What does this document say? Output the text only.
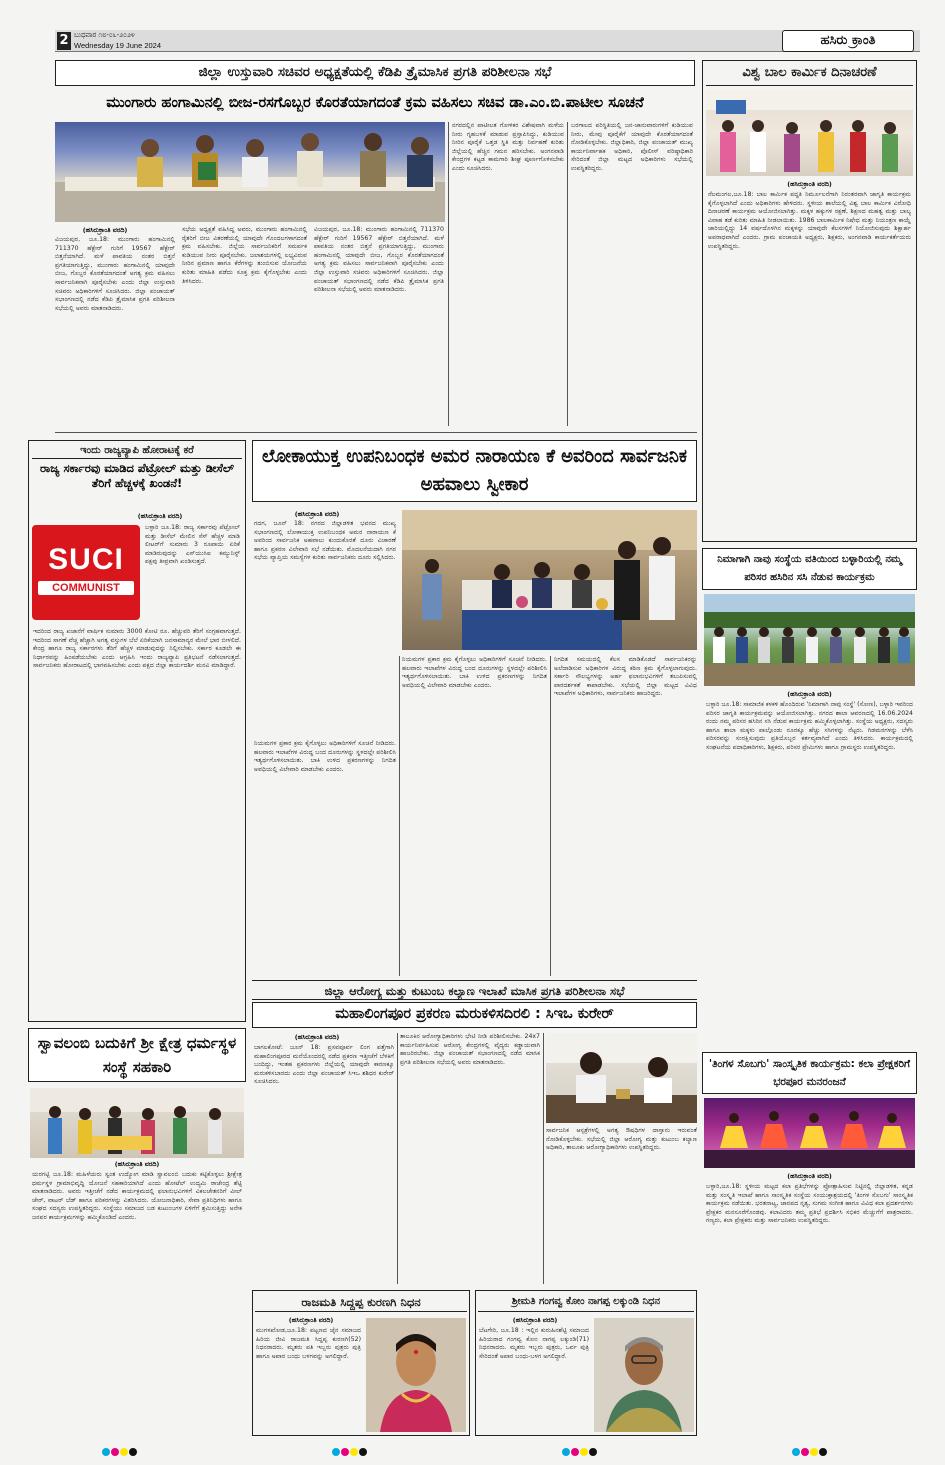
2 ಬುಧವಾರ ೧೮-೦೬-೨೦೨೪
Wednesday 19 June 2024	ಹಸಿರು ಕ್ರಾಂತಿ
ಜಿಲ್ಲಾ ಉಸ್ತುವಾರಿ ಸಚಿವರ ಅಧ್ಯಕ್ಷತೆಯಲ್ಲಿ ಕೆಡಿಪಿ ತ್ರೈಮಾಸಿಕ ಪ್ರಗತಿ ಪರಿಶೀಲನಾ ಸಭೆ
ಮುಂಗಾರು ಹಂಗಾಮಿನಲ್ಲಿ ಬೀಜ-ರಸಗೊಬ್ಬರ ಕೊರತೆಯಾಗದಂತೆ ಕ್ರಮ ವಹಿಸಲು ಸಚಿವ ಡಾ.ಎಂ.ಬಿ.ಪಾಟೀಲ ಸೂಚನೆ
(ಹಸಿರುಕ್ರಾಂತಿ ವರದಿ)
ವಿಜಯಪುರ, ಜೂ.18: ಮುಂಗಾರು ಹಂಗಾಮಿನಲ್ಲಿ 711370 ಹೆಕ್ಟೇರ್ ಗುರಿಗೆ 19567 ಹೆಕ್ಟೇರ್ ಬಿತ್ತನೆಯಾಗಿದೆ. ಮಳೆ ಪಾವತಿಯ ನಂತರ ಬಿತ್ತನೆ ಪ್ರಗತಿಯಾಗುತ್ತಿದ್ದು, ಮುಂಗಾರು ಹಂಗಾಮಿನಲ್ಲಿ ಯಾವುದೇ ಬೀಜ, ಗೊಬ್ಬರ ಕೊರತೆಯಾಗದಂತೆ ಅಗತ್ಯ ಕ್ರಮ ವಹಿಸಲು ಸಾರ್ವಜನಿಕವಾಗಿ ಪೂರೈಸಬೇಕು ಎಂದು ಜಿಲ್ಲಾ ಉಸ್ತುವಾರಿ ಸಚಿವರು ಅಧಿಕಾರಿಗಳಿಗೆ ಸೂಚಿಸಿದರು. ಜಿಲ್ಲಾ ಪಂಚಾಯತ್ ಸಭಾಂಗಣದಲ್ಲಿ ನಡೆದ ಕೆಡಿಪಿ ತ್ರೈಮಾಸಿಕ ಪ್ರಗತಿ ಪರಿಶೀಲನಾ ಸಭೆಯಲ್ಲಿ ಅವರು ಮಾತನಾಡಿದರು.
ಸಭೆಯ ಅಧ್ಯಕ್ಷತೆ ವಹಿಸಿದ್ದ ಅವರು, ಮುಂಗಾರು ಹಂಗಾಮಿನಲ್ಲಿ ರೈತರಿಗೆ ಬೀಜ ವಿತರಣೆಯಲ್ಲಿ ಯಾವುದೇ ಗೊಂದಲಗಳಾಗದಂತೆ ಕ್ರಮ ವಹಿಸಬೇಕು. ಜಿಲ್ಲೆಯ ಸಾರ್ವಜನಿಕರಿಗೆ ಸಮರ್ಪಕ ಕುಡಿಯುವ ನೀರು ಪೂರೈಸಬೇಕು. ಜಲಾಶಯಗಳಲ್ಲಿ ಲಭ್ಯವಿರುವ ನೀರಿನ ಪ್ರಮಾಣ ಹಾಗೂ ಕೆರೆಗಳನ್ನು ತುಂಬಿಸುವ ಯೋಜನೆಯ ಕುರಿತು ಮಾಹಿತಿ ಪಡೆದು ಸೂಕ್ತ ಕ್ರಮ ಕೈಗೊಳ್ಳಬೇಕು ಎಂದು ತಿಳಿಸಿದರು.
ವಿಜಯಪುರ, ಜೂ.18: ಮುಂಗಾರು ಹಂಗಾಮಿನಲ್ಲಿ 711370 ಹೆಕ್ಟೇರ್ ಗುರಿಗೆ 19567 ಹೆಕ್ಟೇರ್ ಬಿತ್ತನೆಯಾಗಿದೆ. ಮಳೆ ಪಾವತಿಯ ನಂತರ ಬಿತ್ತನೆ ಪ್ರಗತಿಯಾಗುತ್ತಿದ್ದು, ಮುಂಗಾರು ಹಂಗಾಮಿನಲ್ಲಿ ಯಾವುದೇ ಬೀಜ, ಗೊಬ್ಬರ ಕೊರತೆಯಾಗದಂತೆ ಅಗತ್ಯ ಕ್ರಮ ವಹಿಸಲು ಸಾರ್ವಜನಿಕವಾಗಿ ಪೂರೈಸಬೇಕು ಎಂದು ಜಿಲ್ಲಾ ಉಸ್ತುವಾರಿ ಸಚಿವರು ಅಧಿಕಾರಿಗಳಿಗೆ ಸೂಚಿಸಿದರು. ಜಿಲ್ಲಾ ಪಂಚಾಯತ್ ಸಭಾಂಗಣದಲ್ಲಿ ನಡೆದ ಕೆಡಿಪಿ ತ್ರೈಮಾಸಿಕ ಪ್ರಗತಿ ಪರಿಶೀಲನಾ ಸಭೆಯಲ್ಲಿ ಅವರು ಮಾತನಾಡಿದರು.
ನಗರದಲ್ಲಿನ ಪಾಟೀಲತ ಗೋಳಿಕರ ವಿಶೇಷವಾಗಿ ಮಳೆಯ ನೀರು ಗೃಹಬಳಕೆ ಮಾಡುವ ಪ್ರಸ್ತಾಪಿಸಿದ್ದು, ಕುಡಿಯುವ ನೀರಿನ ಪೂರೈಕೆ ಒತ್ತಡ ಸ್ಥಿತಿ ಮತ್ತು ನಿರ್ವಹಣೆ ಕುರಿತು ಜಿಲ್ಲೆಯಲ್ಲಿ ಹೆಚ್ಚಿನ ಗಮನ ಹರಿಸಬೇಕು. ಅಂಗನವಾಡಿ ಕೇಂದ್ರಗಳ ಕಟ್ಟಡ ಕಾಮಗಾರಿ ಶೀಘ್ರ ಪೂರ್ಣಗೊಳಿಸಬೇಕು ಎಂದು ಸೂಚಿಸಿದರು.
ಬರಗಾಲದ ಪರಿಸ್ಥಿತಿಯಲ್ಲಿ ಜನ-ಜಾನುವಾರುಗಳಿಗೆ ಕುಡಿಯುವ ನೀರು, ಮೇವು ಪೂರೈಕೆಗೆ ಯಾವುದೇ ಕೊರತೆಯಾಗದಂತೆ ನೋಡಿಕೊಳ್ಳಬೇಕು. ಜಿಲ್ಲಾಧಿಕಾರಿ, ಜಿಲ್ಲಾ ಪಂಚಾಯತ್ ಮುಖ್ಯ ಕಾರ್ಯನಿರ್ವಾಹಕ ಅಧಿಕಾರಿ, ಪೊಲೀಸ್ ವರಿಷ್ಠಾಧಿಕಾರಿ ಸೇರಿದಂತೆ ಜಿಲ್ಲಾ ಮಟ್ಟದ ಅಧಿಕಾರಿಗಳು ಸಭೆಯಲ್ಲಿ ಉಪಸ್ಥಿತರಿದ್ದರು.
ವಿಶ್ವ ಬಾಲ ಕಾರ್ಮಿಕ ದಿನಾಚರಣೆ
(ಹಸಿರುಕ್ರಾಂತಿ ವರದಿ)
ನೆಲಮಂಗಲ,ಜೂ.18: ಬಾಲ ಕಾರ್ಮಿಕ ಪದ್ಧತಿ ನಿರ್ಮೂಲನೆಗಾಗಿ ನಿರಂತರವಾಗಿ ಜಾಗೃತಿ ಕಾರ್ಯಕ್ರಮ ಕೈಗೊಳ್ಳಲಾಗಿದೆ ಎಂದು ಅಧಿಕಾರಿಗಳು ಹೇಳಿದರು. ಸ್ಥಳೀಯ ಶಾಲೆಯಲ್ಲಿ ವಿಶ್ವ ಬಾಲ ಕಾರ್ಮಿಕ ವಿರೋಧಿ ದಿನಾಚರಣೆ ಕಾರ್ಯಕ್ರಮ ಆಯೋಜಿಸಲಾಗಿತ್ತು. ಮಕ್ಕಳ ಹಕ್ಕುಗಳ ರಕ್ಷಣೆ, ಶಿಕ್ಷಣದ ಮಹತ್ವ ಮತ್ತು ಬಾಲ್ಯ ವಿವಾಹ ತಡೆ ಕುರಿತು ಮಾಹಿತಿ ನೀಡಲಾಯಿತು. 1986 ಬಾಲಕಾರ್ಮಿಕ ನಿಷೇಧ ಮತ್ತು ನಿಯಂತ್ರಣ ಕಾಯ್ದೆ ಜಾರಿಯಲ್ಲಿದ್ದು 14 ವರ್ಷದೊಳಗಿನ ಮಕ್ಕಳನ್ನು ಯಾವುದೇ ಕೆಲಸಗಳಿಗೆ ನಿಯೋಜಿಸುವುದು ಶಿಕ್ಷಾರ್ಹ ಅಪರಾಧವಾಗಿದೆ ಎಂದರು. ಗ್ರಾಮ ಪಂಚಾಯತಿ ಅಧ್ಯಕ್ಷರು, ಶಿಕ್ಷಕರು, ಅಂಗನವಾಡಿ ಕಾರ್ಯಕರ್ತೆಯರು ಉಪಸ್ಥಿತರಿದ್ದರು.
ಇಂದು ರಾಜ್ಯವ್ಯಾಪಿ ಹೋರಾಟಕ್ಕೆ ಕರೆ
ರಾಜ್ಯ ಸರ್ಕಾರವು ಮಾಡಿದ ಪೆಟ್ರೋಲ್ ಮತ್ತು ಡೀಸೆಲ್ ತೆರಿಗೆ ಹೆಚ್ಚಳಕ್ಕೆ ಖಂಡನೆ!
(ಹಸಿರುಕ್ರಾಂತಿ ವರದಿ)
SUCI
COMMUNIST
ಬಳ್ಳಾರಿ ಜೂ.18: ರಾಜ್ಯ ಸರ್ಕಾರವು ಪೆಟ್ರೋಲ್ ಮತ್ತು ಡೀಸೆಲ್ ಮೇಲಿನ ಸೆಸ್ ಹೆಚ್ಚಳ ಮಾಡಿ ಲೀಟರ್‌ಗೆ ಸುಮಾರು 3 ರೂಪಾಯಿ ಏರಿಕೆ ಮಾಡಿರುವುದನ್ನು ಎಸ್‌ಯುಸಿಐ ಕಮ್ಯುನಿಸ್ಟ್ ಪಕ್ಷವು ತೀವ್ರವಾಗಿ ಖಂಡಿಸುತ್ತದೆ.
ಇದರಿಂದ ರಾಜ್ಯ ಖಜಾನೆಗೆ ವಾರ್ಷಿಕ ಸುಮಾರು 3000 ಕೋಟಿ ರೂ. ಹೆಚ್ಚುವರಿ ತೆರಿಗೆ ಸಂಗ್ರಹವಾಗುತ್ತದೆ. ಇದರಿಂದ ಸಾಗಣೆ ವೆಚ್ಚ ಹೆಚ್ಚಾಗಿ ಅಗತ್ಯ ವಸ್ತುಗಳ ಬೆಲೆ ಏರಿಕೆಯಾಗಿ ಜನಸಾಮಾನ್ಯರ ಮೇಲೆ ಭಾರ ಬೀಳಲಿದೆ. ಕೇಂದ್ರ ಹಾಗೂ ರಾಜ್ಯ ಸರ್ಕಾರಗಳು ತೆರಿಗೆ ಹೆಚ್ಚಳ ಮಾಡುವುದನ್ನು ನಿಲ್ಲಿಸಬೇಕು. ಸರ್ಕಾರ ಕೂಡಲೇ ಈ ನಿರ್ಧಾರವನ್ನು ಹಿಂಪಡೆಯಬೇಕು ಎಂದು ಆಗ್ರಹಿಸಿ ಇಂದು ರಾಜ್ಯವ್ಯಾಪಿ ಪ್ರತಿಭಟನೆ ನಡೆಸಲಾಗುತ್ತದೆ. ಸಾರ್ವಜನಿಕರು ಹೋರಾಟದಲ್ಲಿ ಭಾಗವಹಿಸಬೇಕು ಎಂದು ಪಕ್ಷದ ಜಿಲ್ಲಾ ಕಾರ್ಯದರ್ಶಿ ಮನವಿ ಮಾಡಿದ್ದಾರೆ.
ಲೋಕಾಯುಕ್ತ ಉಪನಿಬಂಧಕ ಅಮರ ನಾರಾಯಣ ಕೆ ಅವರಿಂದ ಸಾರ್ವಜನಿಕ ಅಹವಾಲು ಸ್ವೀಕಾರ
(ಹಸಿರುಕ್ರಾಂತಿ ವರದಿ)
ಗದಗ, ಜೂನ್ 18: ನಗರದ ಜಿಲ್ಲಾಡಳಿತ ಭವನದ ಮುಖ್ಯ ಸಭಾಂಗಣದಲ್ಲಿ ಲೋಕಾಯುಕ್ತ ಉಪನಿಬಂಧಕ ಅಮರ ನಾರಾಯಣ ಕೆ ಅವರಿಂದ ಸಾರ್ವಜನಿಕ ಅಹವಾಲು ಕುಂದುಕೊರತೆ ದೂರು ವಿಚಾರಣೆ ಹಾಗೂ ಪ್ರಕರಣ ವಿಲೇವಾರಿ ಸಭೆ ನಡೆಯಿತು. ಮೊದಲನೆಯದಾಗಿ ನಗರ ಸಭೆಯ ವ್ಯಾಪ್ತಿಯ ಸಮಸ್ಯೆಗಳ ಕುರಿತು ಸಾರ್ವಜನಿಕರು ದೂರು ಸಲ್ಲಿಸಿದರು.
ನಿಯಮಗಳ ಪ್ರಕಾರ ಕ್ರಮ ಕೈಗೊಳ್ಳಲು ಅಧಿಕಾರಿಗಳಿಗೆ ಸೂಚನೆ ನೀಡಿದರು. ಹಲವಾರು ಇಲಾಖೆಗಳ ವಿರುದ್ಧ ಬಂದ ದೂರುಗಳನ್ನು ಸ್ಥಳದಲ್ಲೇ ಪರಿಶೀಲಿಸಿ ಇತ್ಯರ್ಥಗೊಳಿಸಲಾಯಿತು. ಬಾಕಿ ಉಳಿದ ಪ್ರಕರಣಗಳನ್ನು ನಿಗದಿತ ಅವಧಿಯಲ್ಲಿ ವಿಲೇವಾರಿ ಮಾಡಬೇಕು ಎಂದರು.
ನಿಗದಿತ ಸಮಯದಲ್ಲಿ ಕೆಲಸ ಮಾಡಿಕೊಡದೆ ಸಾರ್ವಜನಿಕರನ್ನು ಅಲೆದಾಡಿಸುವ ಅಧಿಕಾರಿಗಳ ವಿರುದ್ಧ ಕಠಿಣ ಕ್ರಮ ಕೈಗೊಳ್ಳಲಾಗುವುದು. ಸರ್ಕಾರಿ ಸೌಲಭ್ಯಗಳನ್ನು ಅರ್ಹ ಫಲಾನುಭವಿಗಳಿಗೆ ತಲುಪಿಸುವಲ್ಲಿ ಪಾರದರ್ಶಕತೆ ಕಾಪಾಡಬೇಕು. ಸಭೆಯಲ್ಲಿ ಜಿಲ್ಲಾ ಮಟ್ಟದ ವಿವಿಧ ಇಲಾಖೆಗಳ ಅಧಿಕಾರಿಗಳು, ಸಾರ್ವಜನಿಕರು ಹಾಜರಿದ್ದರು.
ನಿಯಮಗಳ ಪ್ರಕಾರ ಕ್ರಮ ಕೈಗೊಳ್ಳಲು ಅಧಿಕಾರಿಗಳಿಗೆ ಸೂಚನೆ ನೀಡಿದರು. ಹಲವಾರು ಇಲಾಖೆಗಳ ವಿರುದ್ಧ ಬಂದ ದೂರುಗಳನ್ನು ಸ್ಥಳದಲ್ಲೇ ಪರಿಶೀಲಿಸಿ ಇತ್ಯರ್ಥಗೊಳಿಸಲಾಯಿತು. ಬಾಕಿ ಉಳಿದ ಪ್ರಕರಣಗಳನ್ನು ನಿಗದಿತ ಅವಧಿಯಲ್ಲಿ ವಿಲೇವಾರಿ ಮಾಡಬೇಕು ಎಂದರು.
ಜಿಲ್ಲಾ ಆರೋಗ್ಯ ಮತ್ತು ಕುಟುಂಬ ಕಲ್ಯಾಣ ಇಲಾಖೆ ಮಾಸಿಕ ಪ್ರಗತಿ ಪರಿಶೀಲನಾ ಸಭೆ
ಮಹಾಲಿಂಗಪೂರ ಪ್ರಕರಣ ಮರುಕಳಿಸದಿರಲಿ : ಸಿಇಒ ಕುರೇರ್
(ಹಸಿರುಕ್ರಾಂತಿ ವರದಿ)
ಬಾಗಲಕೋಟೆ: ಜೂನ್ 18: ಪ್ರಸವಪೂರ್ವ ಲಿಂಗ ಪತ್ತೆಗಾಗಿ ಮಹಾಲಿಂಗಪೂರದ ಮನೆಯೊಂದರಲ್ಲಿ ನಡೆದ ಪ್ರಕರಣ ಇತ್ತೀಚೆಗೆ ಬೆಳಕಿಗೆ ಬಂದಿದ್ದು, ಇಂತಹ ಪ್ರಕರಣಗಳು ಜಿಲ್ಲೆಯಲ್ಲಿ ಯಾವುದೇ ಕಾರಣಕ್ಕೂ ಮರುಕಳಿಸಬಾರದು ಎಂದು ಜಿಲ್ಲಾ ಪಂಚಾಯತ್ ಸಿಇಒ ಶಶಿಧರ ಕುರೇರ್ ಸೂಚಿಸಿದರು.
ತಾಲೂಕಿನ ಆರೋಗ್ಯಾಧಿಕಾರಿಗಳು ಭೇಟಿ ನೀಡಿ ಪರಿಶೀಲಿಸಬೇಕು. 24x7 ಕಾರ್ಯನಿರ್ವಹಿಸುವ ಆರೋಗ್ಯ ಕೇಂದ್ರಗಳಲ್ಲಿ ವೈದ್ಯರು ಕಡ್ಡಾಯವಾಗಿ ಹಾಜರಿರಬೇಕು. ಜಿಲ್ಲಾ ಪಂಚಾಯತ್ ಸಭಾಂಗಣದಲ್ಲಿ ನಡೆದ ಮಾಸಿಕ ಪ್ರಗತಿ ಪರಿಶೀಲನಾ ಸಭೆಯಲ್ಲಿ ಅವರು ಮಾತನಾಡಿದರು.
ಸಾರ್ವಜನಿಕ ಆಸ್ಪತ್ರೆಗಳಲ್ಲಿ ಅಗತ್ಯ ಔಷಧಿಗಳ ದಾಸ್ತಾನು ಇರುವಂತೆ ನೋಡಿಕೊಳ್ಳಬೇಕು. ಸಭೆಯಲ್ಲಿ ಜಿಲ್ಲಾ ಆರೋಗ್ಯ ಮತ್ತು ಕುಟುಂಬ ಕಲ್ಯಾಣ ಅಧಿಕಾರಿ, ತಾಲೂಕು ಆರೋಗ್ಯಾಧಿಕಾರಿಗಳು ಉಪಸ್ಥಿತರಿದ್ದರು.
ಸ್ವಾವಲಂಬಿ ಬದುಕಿಗೆ ಶ್ರೀ ಕ್ಷೇತ್ರ ಧರ್ಮಸ್ಥಳ ಸಂಸ್ಥೆ ಸಹಕಾರಿ
(ಹಸಿರುಕ್ರಾಂತಿ ವರದಿ)
ಯರಗಟ್ಟಿ ಜೂ.18: ಮಹಿಳೆಯರು ಸ್ವಂತ ಉದ್ಯೋಗ ಮಾಡಿ ಸ್ವಾವಲಂಬಿ ಬದುಕು ಕಟ್ಟಿಕೊಳ್ಳಲು ಶ್ರೀಕ್ಷೇತ್ರ ಧರ್ಮಸ್ಥಳ ಗ್ರಾಮಾಭಿವೃದ್ಧಿ ಯೋಜನೆ ಸಹಕಾರಿಯಾಗಿದೆ ಎಂದು ಹೋಟೆಲ್ ಉದ್ಯಮಿ ರಾಜೇಂದ್ರ ಶೆಟ್ಟಿ ಮಾತನಾಡಿದರು. ಅವರು ಇತ್ತೀಚೆಗೆ ನಡೆದ ಕಾರ್ಯಕ್ರಮದಲ್ಲಿ ಫಲಾನುಭವಿಗಳಿಗೆ ವಿಕಲಚೇತನರಿಗೆ ವೀಲ್ ಚೇರ್, ವಾಟರ್ ಬೆಡ್ ಹಾಗೂ ಪರಿಕರಗಳನ್ನು ವಿತರಿಸಿದರು. ಯೋಜನಾಧಿಕಾರಿ, ಸೇವಾ ಪ್ರತಿನಿಧಿಗಳು ಹಾಗೂ ಸಂಘದ ಸದಸ್ಯರು ಉಪಸ್ಥಿತರಿದ್ದರು. ಸಂಸ್ಥೆಯು ಸಮಾಜದ ಬಡ ಕುಟುಂಬಗಳ ಏಳಿಗೆಗೆ ಶ್ರಮಿಸುತ್ತಿದ್ದು ಅನೇಕ ಜನಪರ ಕಾರ್ಯಕ್ರಮಗಳನ್ನು ಹಮ್ಮಿಕೊಂಡಿದೆ ಎಂದರು.
ನಿಮಾಗಾಗಿ ನಾವು ಸಂಸ್ಥೆಯ ವತಿಯಿಂದ ಬಳ್ಳಾರಿಯಲ್ಲಿ ನಮ್ಮ ಪರಿಸರ ಹಸಿರಿನ ಸಸಿ ನೆಡುವ ಕಾರ್ಯಕ್ರಮ
(ಹಸಿರುಕ್ರಾಂತಿ ವರದಿ)
ಬಳ್ಳಾರಿ ಜೂ.18: ಸಾಮಾಜಿಕ ಕಳಕಳಿ ಹೊಂದಿರುವ 'ನಿಮಾಗಾಗಿ ನಾವು ಸಂಸ್ಥೆ' (ಸೋಣ), ಬಳ್ಳಾರಿ ಇವರಿಂದ ಪರಿಸರ ಜಾಗೃತಿ ಕಾರ್ಯಕ್ರಮವನ್ನು ಆಯೋಜಿಸಲಾಗಿತ್ತು. ನಗರದ ಶಾಲಾ ಆವರಣದಲ್ಲಿ 16.06.2024 ರಂದು ನಮ್ಮ ಪರಿಸರ ಹಸಿರಿನ ಸಸಿ ನೆಡುವ ಕಾರ್ಯಕ್ರಮ ಹಮ್ಮಿಕೊಳ್ಳಲಾಗಿತ್ತು. ಸಂಸ್ಥೆಯ ಅಧ್ಯಕ್ಷರು, ಸದಸ್ಯರು ಹಾಗೂ ಶಾಲಾ ಮಕ್ಕಳು ಪಾಲ್ಗೊಂಡು ನೂರಕ್ಕೂ ಹೆಚ್ಚು ಸಸಿಗಳನ್ನು ನೆಟ್ಟರು. ಗಿಡಮರಗಳನ್ನು ಬೆಳೆಸಿ ಪರಿಸರವನ್ನು ಸಂರಕ್ಷಿಸುವುದು ಪ್ರತಿಯೊಬ್ಬರ ಕರ್ತವ್ಯವಾಗಿದೆ ಎಂದು ತಿಳಿಸಿದರು. ಕಾರ್ಯಕ್ರಮದಲ್ಲಿ ಸಂಘಟನೆಯ ಪದಾಧಿಕಾರಿಗಳು, ಶಿಕ್ಷಕರು, ಪರಿಸರ ಪ್ರೇಮಿಗಳು ಹಾಗೂ ಗ್ರಾಮಸ್ಥರು ಉಪಸ್ಥಿತರಿದ್ದರು.
'ತಿಂಗಳ ಸೊಬಗು' ಸಾಂಸ್ಕೃತಿಕ ಕಾರ್ಯಕ್ರಮ: ಕಲಾ ಪ್ರೇಕ್ಷಕರಿಗೆ ಭರಪೂರ ಮನರಂಜನೆ
(ಹಸಿರುಕ್ರಾಂತಿ ವರದಿ)
ಬಳ್ಳಾರಿ,ಜೂ.18: ಸ್ಥಳೀಯ ಮಟ್ಟದ ಕಲಾ ಪ್ರತಿಭೆಗಳನ್ನು ಪ್ರೋತ್ಸಾಹಿಸುವ ನಿಟ್ಟಿನಲ್ಲಿ ಜಿಲ್ಲಾಡಳಿತ, ಕನ್ನಡ ಮತ್ತು ಸಂಸ್ಕೃತಿ ಇಲಾಖೆ ಹಾಗೂ ಸಾಂಸ್ಕೃತಿಕ ಸಂಸ್ಥೆಯ ಸಂಯುಕ್ತಾಶ್ರಯದಲ್ಲಿ 'ತಿಂಗಳ ಸೊಬಗು' ಸಾಂಸ್ಕೃತಿಕ ಕಾರ್ಯಕ್ರಮ ನಡೆಯಿತು. ಭರತನಾಟ್ಯ, ಜಾನಪದ ನೃತ್ಯ, ಸುಗಮ ಸಂಗೀತ ಹಾಗೂ ವಿವಿಧ ಕಲಾ ಪ್ರದರ್ಶನಗಳು ಪ್ರೇಕ್ಷಕರ ಮನಸೂರೆಗೊಂಡವು. ಕಲಾವಿದರು ತಮ್ಮ ಪ್ರತಿಭೆ ಪ್ರದರ್ಶಿಸಿ ಸಭಿಕರ ಮೆಚ್ಚುಗೆಗೆ ಪಾತ್ರರಾದರು. ಗಣ್ಯರು, ಕಲಾ ಪ್ರೇಕ್ಷಕರು ಮತ್ತು ಸಾರ್ವಜನಿಕರು ಉಪಸ್ಥಿತರಿದ್ದರು.
ರಾಜಮತಿ ಸಿದ್ದಪ್ಪ ಕುರಣಗಿ ನಿಧನ
(ಹಸಿರುಕ್ರಾಂತಿ ವರದಿ)
ಮುಗಳಖೋಡ,ಜೂ.18: ಪಟ್ಟಣದ ಜೈನ ಸಮಾಜದ ಹಿರಿಯ ಜೀವಿ ರಾಜಮತಿ ಸಿದ್ದಪ್ಪ ಕುರಣಗಿ(52) ನಿಧನರಾದರು. ಮೃತರು ಪತಿ ಇಬ್ಬರು ಪುತ್ರರು ಪುತ್ರಿ ಹಾಗೂ ಅಪಾರ ಬಂಧು ಬಳಗವನ್ನು ಅಗಲಿದ್ದಾರೆ.
ಶ್ರೀಮತಿ ಗಂಗವ್ವ ಕೋಂ ನಾಗಪ್ಪ ಲಕ್ಕುಂಡಿ ನಿಧನ
(ಹಸಿರುಕ್ರಾಂತಿ ವರದಿ)
ಬೆಟಗೇರಿ, ಜೂ.18 : ಇಲ್ಲಿನ ಕುರುಹಿನಶೆಟ್ಟಿ ಸಮಾಜದ ಹಿರಿಯರಾದ ಗಂಗವ್ವ ಕೋಂ ನಾಗಪ್ಪ ಲಕ್ಕುಂಡಿ(71) ನಿಧನರಾದರು. ಮೃತರು ಇಬ್ಬರು ಪುತ್ರರು, ಒರ್ವ ಪುತ್ರಿ ಸೇರಿದಂತೆ ಅಪಾರ ಬಂಧು-ಬಳಗ ಅಗಲಿದ್ದಾರೆ.
